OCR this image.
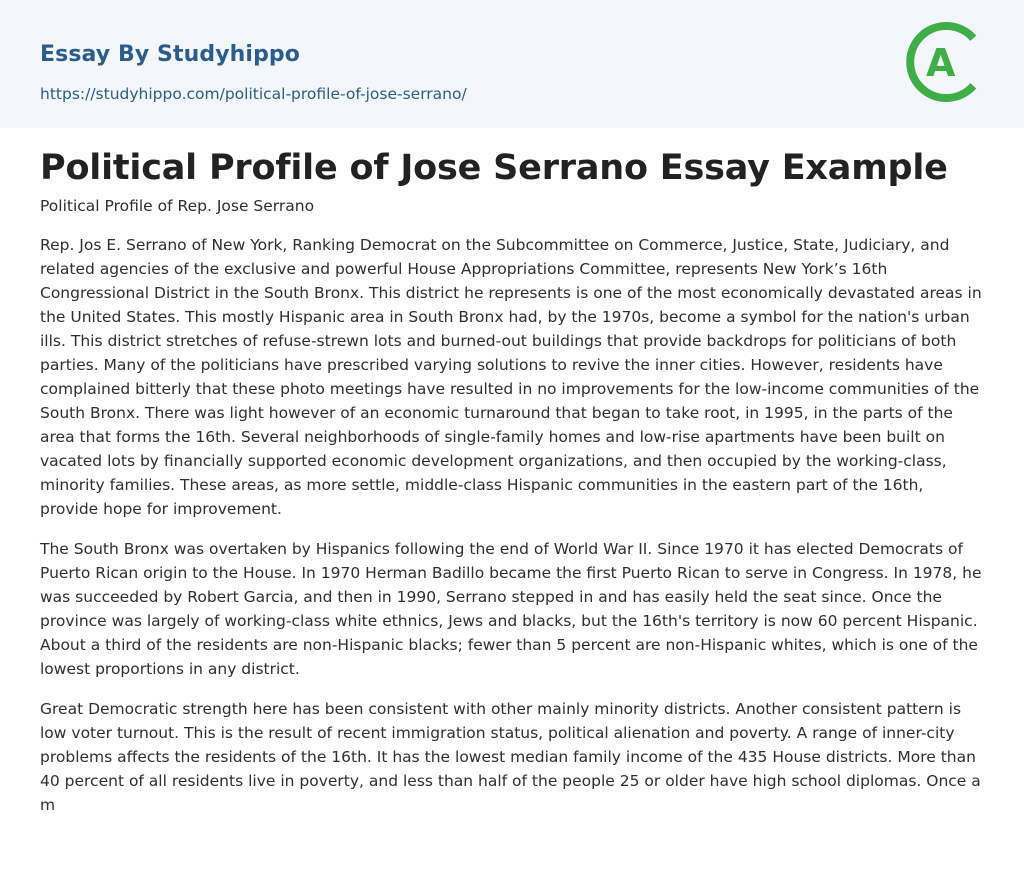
Essay By Studyhippo
https://studyhippo.com/political-profile-of-jose-serrano/
A
Political Profile of Jose Serrano Essay Example

Political Profile of Rep. Jose Serrano

Rep. Jos E. Serrano of New York, Ranking Democrat on the Subcommittee on Commerce, Justice, State, Judiciary, and related agencies of the exclusive and powerful House Appropriations Committee, represents New York’s 16th Congressional District in the South Bronx. This district he represents is one of the most economically devastated areas in the United States. This mostly Hispanic area in South Bronx had, by the 1970s, become a symbol for the nation's urban ills. This district stretches of refuse-strewn lots and burned-out buildings that provide backdrops for politicians of both parties. Many of the politicians have prescribed varying solutions to revive the inner cities. However, residents have complained bitterly that these photo meetings have resulted in no improvements for the low-income communities of the South Bronx. There was light however of an economic turnaround that began to take root, in 1995, in the parts of the area that forms the 16th. Several neighborhoods of single-family homes and low-rise apartments have been built on vacated lots by financially supported economic development organizations, and then occupied by the working-class, minority families. These areas, as more settle, middle-class Hispanic communities in the eastern part of the 16th, provide hope for improvement.

The South Bronx was overtaken by Hispanics following the end of World War II. Since 1970 it has elected Democrats of Puerto Rican origin to the House. In 1970 Herman Badillo became the first Puerto Rican to serve in Congress. In 1978, he was succeeded by Robert Garcia, and then in 1990, Serrano stepped in and has easily held the seat since. Once the province was largely of working-class white ethnics, Jews and blacks, but the 16th's territory is now 60 percent Hispanic. About a third of the residents are non-Hispanic blacks; fewer than 5 percent are non-Hispanic whites, which is one of the lowest proportions in any district.

Great Democratic strength here has been consistent with other mainly minority districts. Another consistent pattern is low voter turnout. This is the result of recent immigration status, political alienation and poverty. A range of inner-city problems affects the residents of the 16th. It has the lowest median family income of the 435 House districts. More than 40 percent of all residents live in poverty, and less than half of the people 25 or older have high school diplomas. Once a m
